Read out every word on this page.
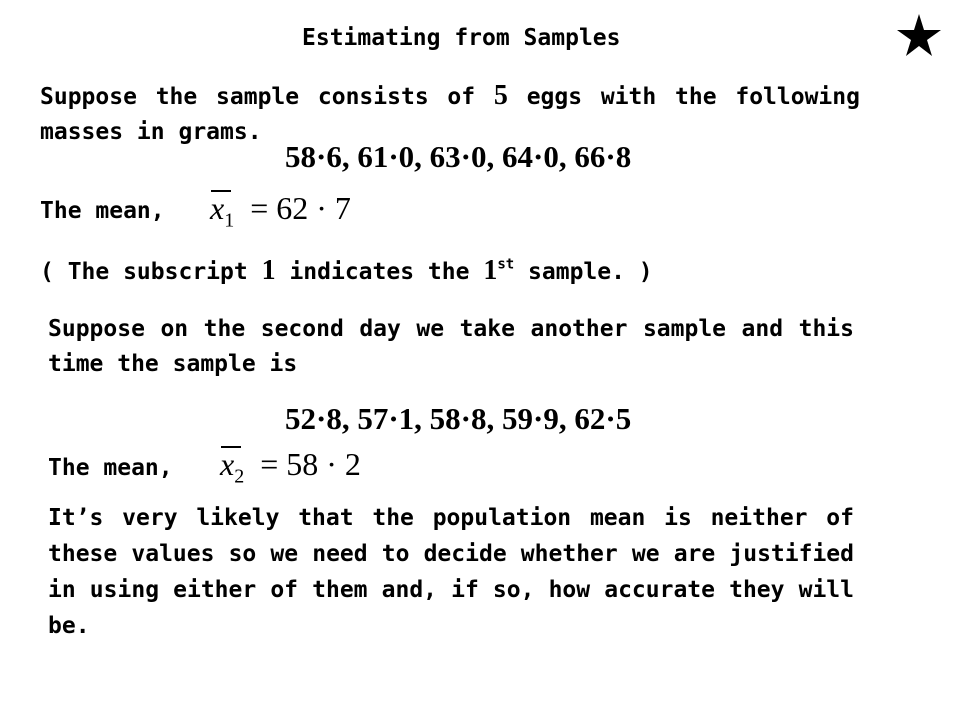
Estimating from Samples
Suppose the sample consists of 5 eggs with the following masses in grams.
58·6, 61·0, 63·0, 64·0, 66·8
The mean, $x_1 = 62 \cdot 7$
( The subscript 1 indicates the 1st sample. )
Suppose on the second day we take another sample and this time the sample is
52·8, 57·1, 58·8, 59·9, 62·5
The mean, $x_2 = 58 \cdot 2$
It’s very likely that the population mean is neither of these values so we need to decide whether we are justified in using either of them and, if so, how accurate they will be.
